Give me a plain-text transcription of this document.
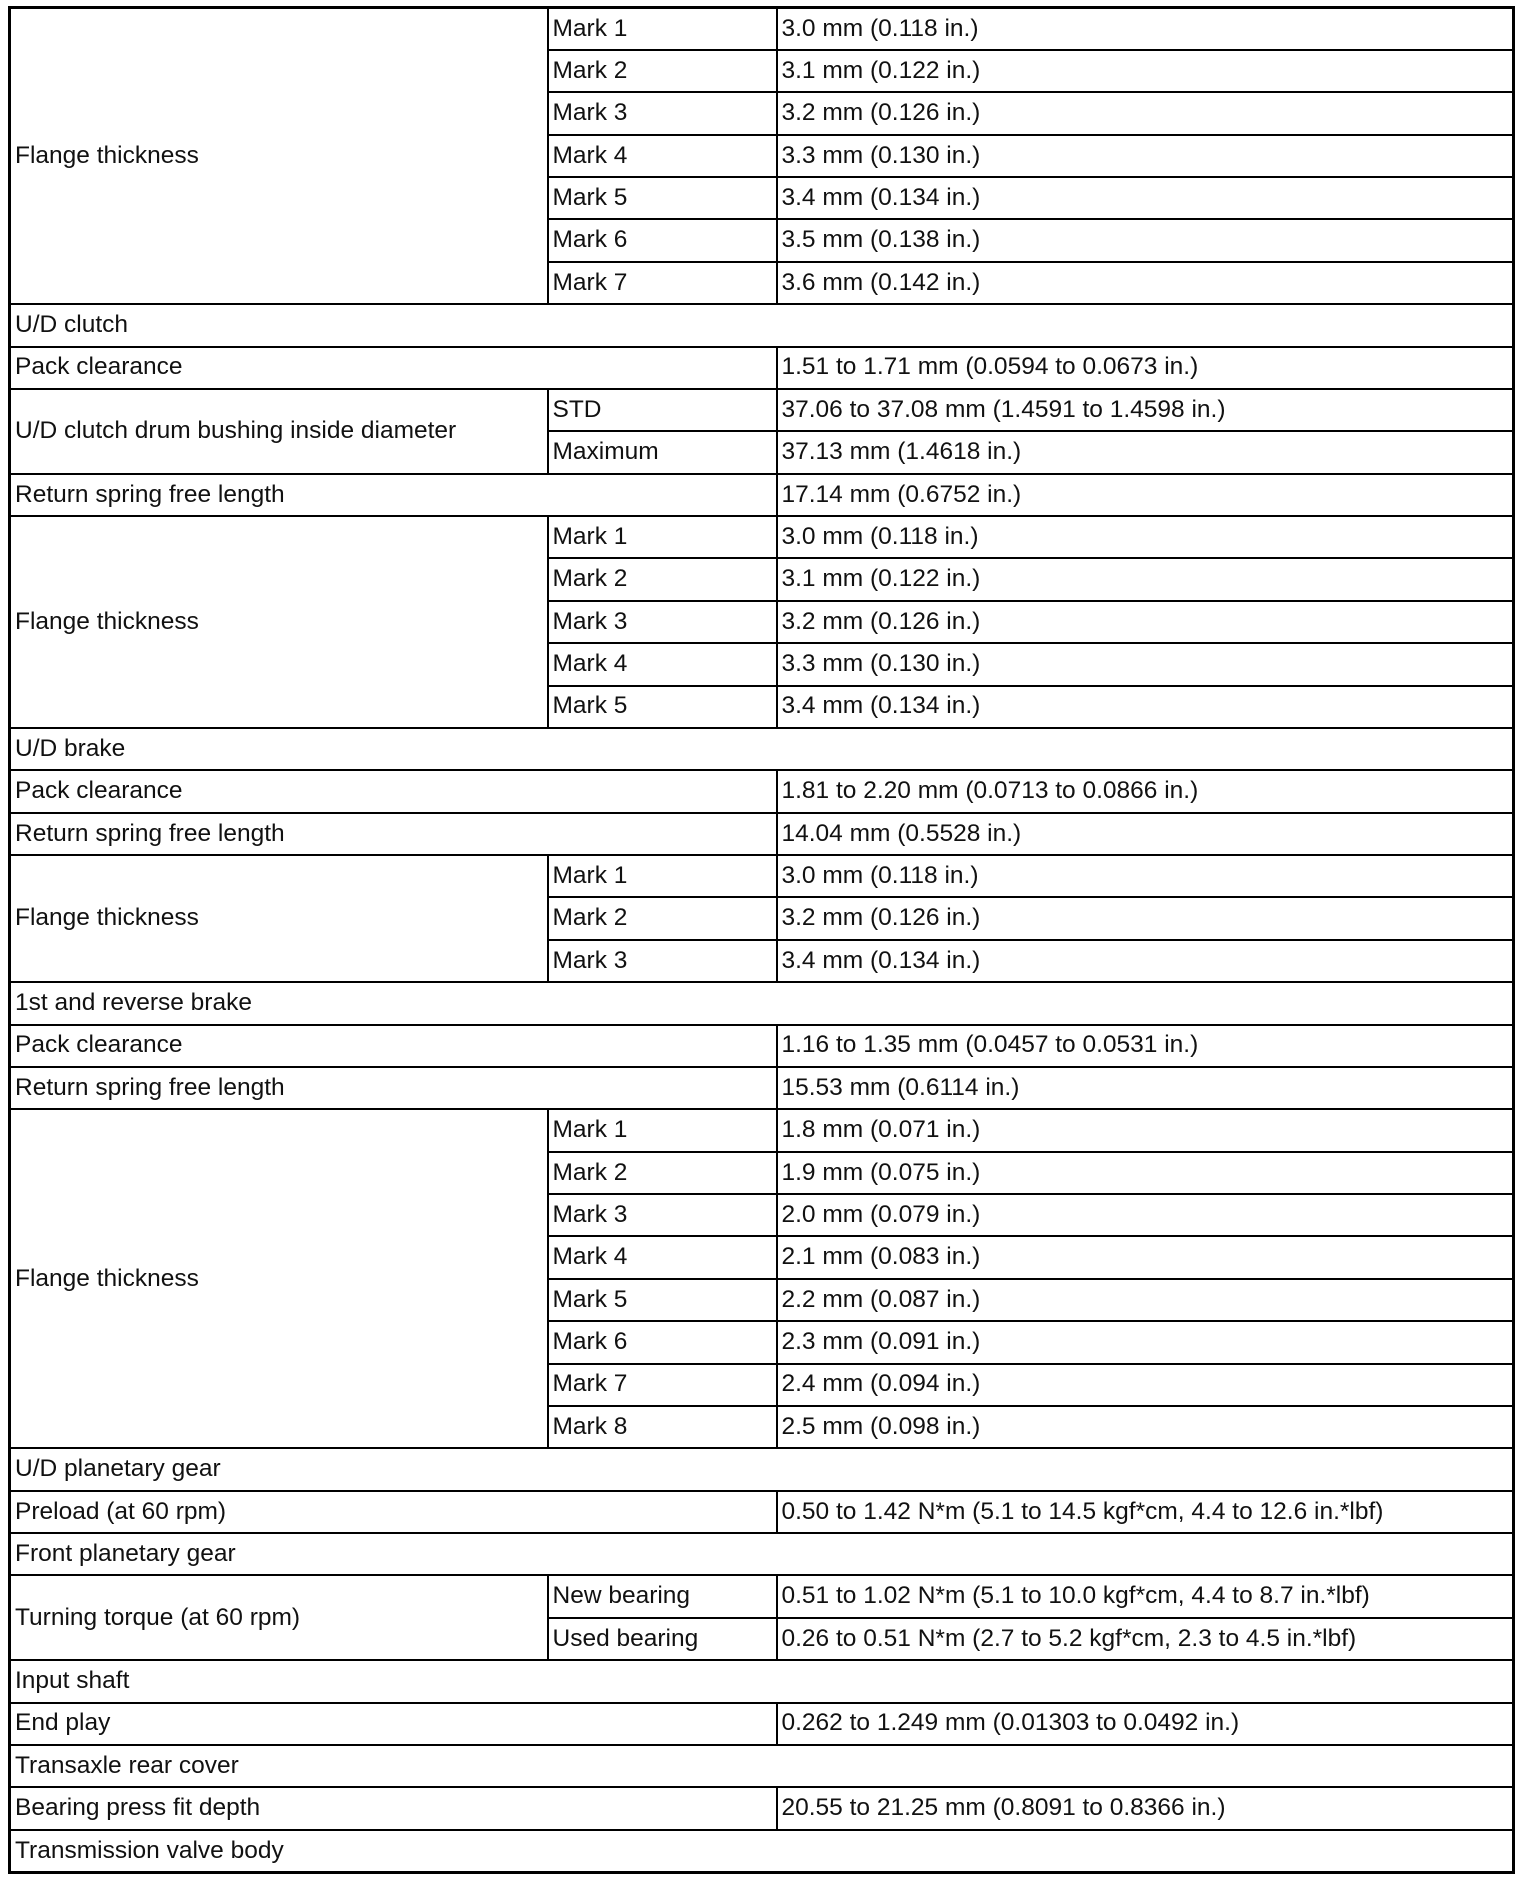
Flange thickness	Mark 1	3.0 mm (0.118 in.)
	Mark 2	3.1 mm (0.122 in.)
	Mark 3	3.2 mm (0.126 in.)
	Mark 4	3.3 mm (0.130 in.)
	Mark 5	3.4 mm (0.134 in.)
	Mark 6	3.5 mm (0.138 in.)
	Mark 7	3.6 mm (0.142 in.)
U/D clutch		
Pack clearance		1.51 to 1.71 mm (0.0594 to 0.0673 in.)
U/D clutch drum bushing inside diameter	STD	37.06 to 37.08 mm (1.4591 to 1.4598 in.)
	Maximum	37.13 mm (1.4618 in.)
Return spring free length		17.14 mm (0.6752 in.)
Flange thickness	Mark 1	3.0 mm (0.118 in.)
	Mark 2	3.1 mm (0.122 in.)
	Mark 3	3.2 mm (0.126 in.)
	Mark 4	3.3 mm (0.130 in.)
	Mark 5	3.4 mm (0.134 in.)
U/D brake		
Pack clearance		1.81 to 2.20 mm (0.0713 to 0.0866 in.)
Return spring free length		14.04 mm (0.5528 in.)
Flange thickness	Mark 1	3.0 mm (0.118 in.)
	Mark 2	3.2 mm (0.126 in.)
	Mark 3	3.4 mm (0.134 in.)
1st and reverse brake		
Pack clearance		1.16 to 1.35 mm (0.0457 to 0.0531 in.)
Return spring free length		15.53 mm (0.6114 in.)
Flange thickness	Mark 1	1.8 mm (0.071 in.)
	Mark 2	1.9 mm (0.075 in.)
	Mark 3	2.0 mm (0.079 in.)
	Mark 4	2.1 mm (0.083 in.)
	Mark 5	2.2 mm (0.087 in.)
	Mark 6	2.3 mm (0.091 in.)
	Mark 7	2.4 mm (0.094 in.)
	Mark 8	2.5 mm (0.098 in.)
U/D planetary gear		
Preload (at 60 rpm)		0.50 to 1.42 N*m (5.1 to 14.5 kgf*cm, 4.4 to 12.6 in.*lbf)
Front planetary gear		
Turning torque (at 60 rpm)	New bearing	0.51 to 1.02 N*m (5.1 to 10.0 kgf*cm, 4.4 to 8.7 in.*lbf)
	Used bearing	0.26 to 0.51 N*m (2.7 to 5.2 kgf*cm, 2.3 to 4.5 in.*lbf)
Input shaft		
End play		0.262 to 1.249 mm (0.01303 to 0.0492 in.)
Transaxle rear cover		
Bearing press fit depth		20.55 to 21.25 mm (0.8091 to 0.8366 in.)
Transmission valve body		
